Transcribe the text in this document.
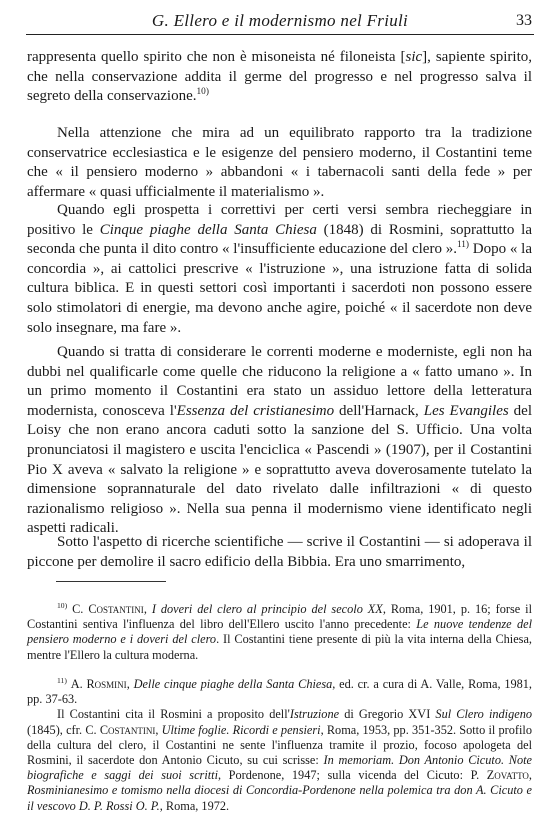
G. Ellero e il modernismo nel Friuli	33

rappresenta quello spirito che non è misoneista né filoneista [sic], sapiente spirito, che nella conservazione addita il germe del progresso e nel progresso salva il segreto della conservazione.$^{10)}$

Nella attenzione che mira ad un equilibrato rapporto tra la tradizione conservatrice ecclesiastica e le esigenze del pensiero moderno, il Costantini teme che « il pensiero moderno » abbandoni « i tabernacoli santi della fede » per affermare « quasi ufficialmente il materialismo ».

Quando egli prospetta i correttivi per certi versi sembra riecheggiare in positivo le Cinque piaghe della Santa Chiesa (1848) di Rosmini, soprattutto la seconda che punta il dito contro « l'insufficiente educazione del clero ».$^{11)}$ Dopo « la concordia », ai cattolici prescrive « l'istruzione », una istruzione fatta di solida cultura biblica. E in questi settori così importanti i sacerdoti non possono essere solo stimolatori di energie, ma devono anche agire, poiché « il sacerdote non deve solo insegnare, ma fare ».

Quando si tratta di considerare le correnti moderne e moderniste, egli non ha dubbi nel qualificarle come quelle che riducono la religione a « fatto umano ». In un primo momento il Costantini era stato un assiduo lettore della letteratura modernista, conosceva l'Essenza del cristianesimo dell'Harnack, Les Evangiles del Loisy che non erano ancora caduti sotto la sanzione del S. Ufficio. Una volta pronunciatosi il magistero e uscita l'enciclica « Pascendi » (1907), per il Costantini Pio X aveva « salvato la religione » e soprattutto aveva doverosamente tutelato la dimensione soprannaturale del dato rivelato dalle infiltrazioni « di questo razionalismo religioso ». Nella sua penna il modernismo viene identificato negli aspetti radicali.

Sotto l'aspetto di ricerche scientifiche — scrive il Costantini — si adoperava il piccone per demolire il sacro edificio della Bibbia. Era uno smarrimento,

$^{10)}$ C. Costantini, I doveri del clero al principio del secolo XX, Roma, 1901, p. 16; forse il Costantini sentiva l'influenza del libro dell'Ellero uscito l'anno precedente: Le nuove tendenze del pensiero moderno e i doveri del clero. Il Costantini tiene presente di più la vita interna della Chiesa, mentre l'Ellero la cultura moderna.

$^{11)}$ A. Rosmini, Delle cinque piaghe della Santa Chiesa, ed. cr. a cura di A. Valle, Roma, 1981, pp. 37-63.

Il Costantini cita il Rosmini a proposito dell'Istruzione di Gregorio XVI Sul Clero indigeno (1845), cfr. C. Costantini, Ultime foglie. Ricordi e pensieri, Roma, 1953, pp. 351-352. Sotto il profilo della cultura del clero, il Costantini ne sente l'influenza tramite il prozio, focoso apologeta del Rosmini, il sacerdote don Antonio Cicuto, su cui scrisse: In memoriam. Don Antonio Cicuto. Note biografiche e saggi dei suoi scritti, Pordenone, 1947; sulla vicenda del Cicuto: P. Zovatto, Rosminianesimo e tomismo nella diocesi di Concordia-Pordenone nella polemica tra don A. Cicuto e il vescovo D. P. Rossi O. P., Roma, 1972.
